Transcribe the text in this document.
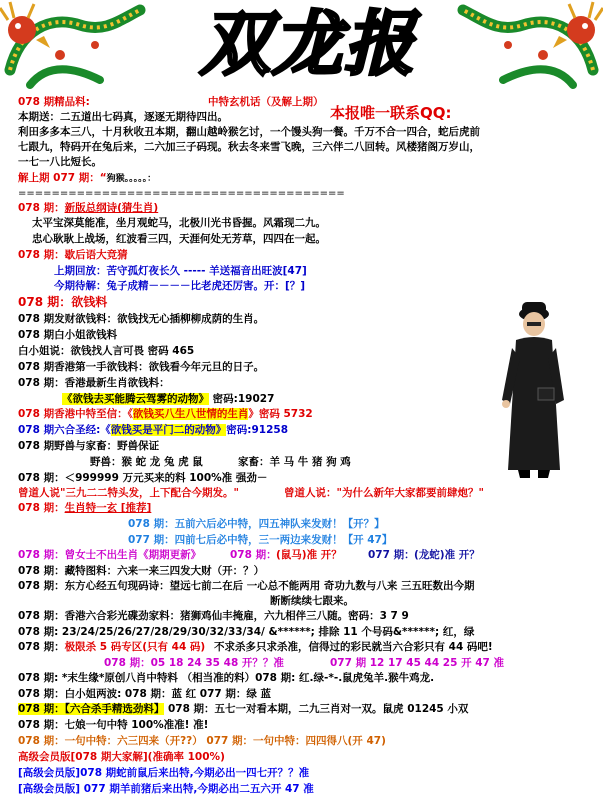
双龙报
078 期精品料:	中特玄机话（及解上期）
本报唯一联系QQ:
本期送：二五道出七码真，逐逐无期待四出。
利田多多本三八，十月秋收丑本期，翻山越岭猴乞讨，一个馒头狗一餐。千万不合一四合，蛇后虎前
七跟九，特码开在兔后来，二六加三子码现。秋去冬来雪飞晚，三六伴二八回转。风楼猪阁万岁山，
一七一八比短长。
解上期 077 期：“狗猴。。。。。：
=======================================
078 期：新版总纲诗(猜生肖)
太平宝深莫能准，坐月观蛇马，北极川光书昏握。风霜现二九。
忠心耿耿上战场，红波看三四，天涯何处无芳草，四四在一起。
078 期：歇后语大竞猜
上期回放：苦守孤灯夜长久 ----- 羊送福音出旺波[47]
今期待解：兔子成精－－－－比老虎还厉害。开：[？]
078 期：欲钱料
078 期发财欲钱料：欲钱找无心插柳柳成荫的生肖。
078 期白小姐欲钱料
白小姐说：欲钱找人言可畏 密码 465
078 期香港第一手欲钱料：欲钱看今年元旦的日子。
078 期：香港最新生肖欲钱料：
《欲钱去买能腾云驾雾的动物》 密码:19027
078 期香港中特至信：《欲钱买八生八世情的生肖》密码 5732
078 期六合圣经:《欲钱买是平门二的动物》密码:91258
078 期野兽与家畜：野兽保证
野兽：猴 蛇 龙 兔 虎 鼠	家畜：羊 马 牛 猪 狗 鸡
078 期：＜999999 万元买来的料 100%准 强劲－
曾道人说"三九二二特头发，上下配合今期发。"	曾道人说："为什么新年大家都要前肆炮？"
078 期：生肖特一玄 [推荐]
078 期：五前六后必中特，四五神队来发财！【开？】
077 期：四前七后必中特，三一两边来发财！【开 47】
078 期：曾女士不出生肖《期期更新》	078 期： (鼠马)准 开？ 077 期： (龙蛇)准 开？
078 期：藏特图料：六来一来三四发大财（开：？）
078 期：东方心经五句现码诗：望远七前二在后 一心总不能两用 奇功九数与八来 三五旺数出今期
断断续续七跟来。
078 期：香港六合彩光碟劲家料：猪狮鸡仙丰掩雇，六九相伴三八随。密码：3 7 9
078 期: 23/24/25/26/27/28/29/30/32/33/34/ &******; 排除 11 个号码&******; 红，绿
078 期：极限杀 5 码专区(只有 44 码) 不求杀多只求杀准，信得过的彩民就当六合彩只有 44 码吧!
078 期：05 18 24 35 48 开？？准	077 期 12 17 45 44 25 开 47 准
078 期: *末生缘*原创八肖中特料 （相当准的料）078 期: 红.绿-*-.鼠虎兔羊.猴牛鸡龙.
078 期：白小姐两波: 078 期：蓝 红 077 期：绿 蓝
078 期：【六合杀手精选劲料】 078 期：五七一对看本期，二九三肖对一双。鼠虎 01245 小双
078 期：七娘一句中特 100%准准! 准!
078 期：一句中特：六三四来（开??） 077 期：一句中特：四四得八(开 47)
高级会员版[078 期大家解](准确率 100%)
[高级会员版]078 期蛇前鼠后来出特,今期必出一四七开？？准
[高级会员版] 077 期羊前猪后来出特,今期必出二五六开 47 准
